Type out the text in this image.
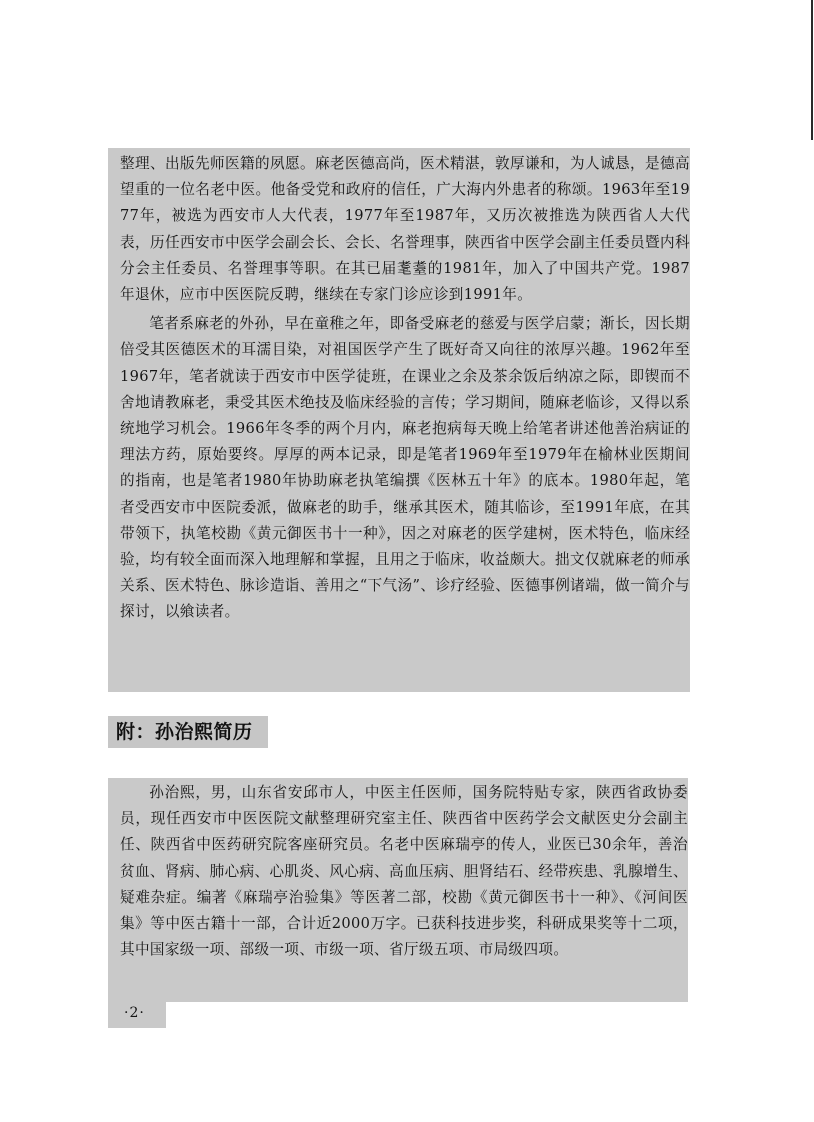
整理、出版先师医籍的夙愿。麻老医德高尚，医术精湛，敦厚谦和，为人诚恳，是德高望重的一位名老中医。他备受党和政府的信任，广大海内外患者的称颂。1963年至1977年，被选为西安市人大代表，1977年至1987年，又历次被推选为陕西省人大代表，历任西安市中医学会副会长、会长、名誉理事，陕西省中医学会副主任委员暨内科分会主任委员、名誉理事等职。在其已届耄耋的1981年，加入了中国共产党。1987年退休，应市中医医院反聘，继续在专家门诊应诊到1991年。

笔者系麻老的外孙，早在童稚之年，即备受麻老的慈爱与医学启蒙；渐长，因长期倍受其医德医术的耳濡目染，对祖国医学产生了既好奇又向往的浓厚兴趣。1962年至1967年，笔者就读于西安市中医学徒班，在课业之余及茶余饭后纳凉之际，即锲而不舍地请教麻老，秉受其医术绝技及临床经验的言传；学习期间，随麻老临诊，又得以系统地学习机会。1966年冬季的两个月内，麻老抱病每天晚上给笔者讲述他善治病证的理法方药，原始要终。厚厚的两本记录，即是笔者1969年至1979年在榆林业医期间的指南，也是笔者1980年协助麻老执笔编撰《医林五十年》的底本。1980年起，笔者受西安市中医院委派，做麻老的助手，继承其医术，随其临诊，至1991年底，在其带领下，执笔校勘《黄元御医书十一种》，因之对麻老的医学建树，医术特色，临床经验，均有较全面而深入地理解和掌握，且用之于临床，收益颇大。拙文仅就麻老的师承关系、医术特色、脉诊造诣、善用之“下气汤”、诊疗经验、医德事例诸端，做一简介与探讨，以飨读者。

附：孙治熙简历

孙治熙，男，山东省安邱市人，中医主任医师，国务院特贴专家，陕西省政协委员，现任西安市中医医院文献整理研究室主任、陕西省中医药学会文献医史分会副主任、陕西省中医药研究院客座研究员。名老中医麻瑞亭的传人，业医已30余年，善治贫血、肾病、肺心病、心肌炎、风心病、高血压病、胆肾结石、经带疾患、乳腺增生、疑难杂症。编著《麻瑞亭治验集》等医著二部，校勘《黄元御医书十一种》、《河间医集》等中医古籍十一部，合计近2000万字。已获科技进步奖，科研成果奖等十二项，其中国家级一项、部级一项、市级一项、省厅级五项、市局级四项。

·2·
